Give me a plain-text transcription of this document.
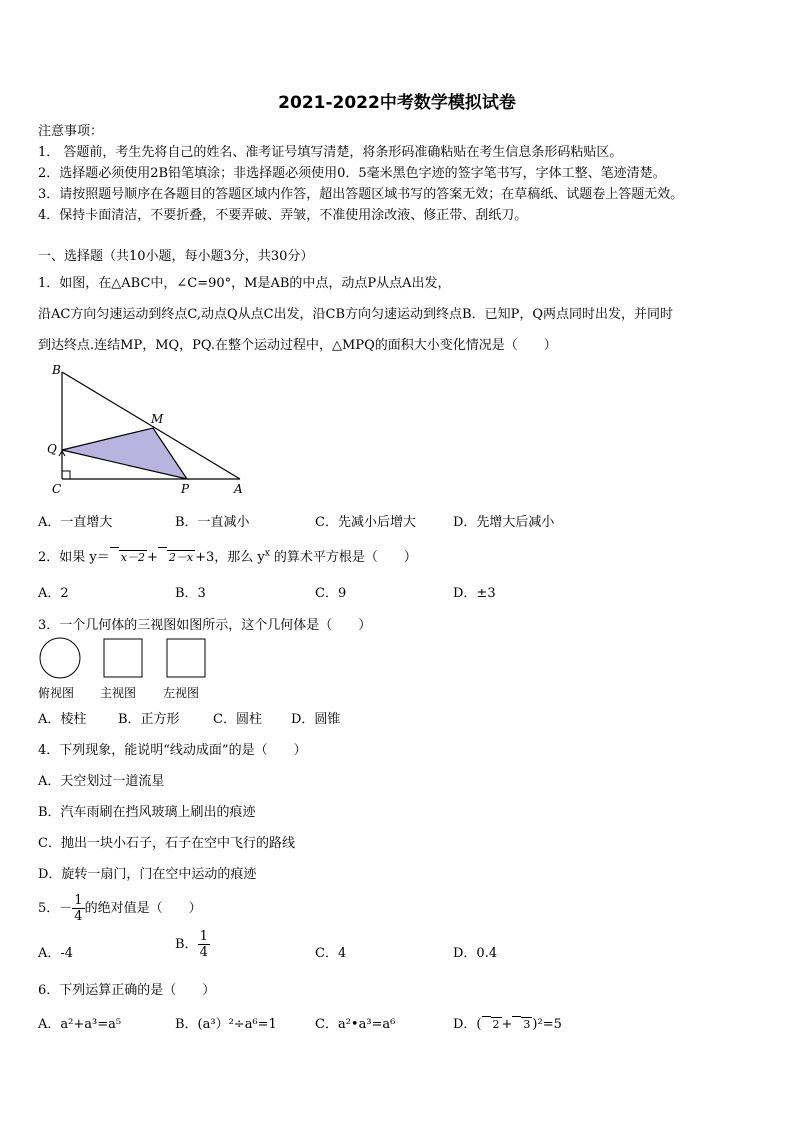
2021-2022中考数学模拟试卷
注意事项：
1． 答题前，考生先将自己的姓名、准考证号填写清楚，将条形码准确粘贴在考生信息条形码粘贴区。
2．选择题必须使用2B铅笔填涂；非选择题必须使用0．5毫米黑色字迹的签字笔书写，字体工整、笔迹清楚。
3．请按照题号顺序在各题目的答题区域内作答，超出答题区域书写的答案无效；在草稿纸、试题卷上答题无效。
4．保持卡面清洁，不要折叠，不要弄破、弄皱，不准使用涂改液、修正带、刮纸刀。
一、选择题（共10小题，每小题3分，共30分）
1．如图，在△ABC中，∠C=90°，M是AB的中点，动点P从点A出发，
沿AC方向匀速运动到终点C,动点Q从点C出发，沿CB方向匀速运动到终点B．已知P，Q两点同时出发，并同时
到达终点.连结MP，MQ，PQ.在整个运动过程中，△MPQ的面积大小变化情况是（　　）
B
M
Q
C	P	A
A．一直增大	B．一直减小	C．先减小后增大	D．先增大后减小
2．如果 y＝ x－2 + 2－x +3，那么 $y^x$ 的算术平方根是（　　）
A．2	B．3	C．9	D．±3
3．一个几何体的三视图如图所示，这个几何体是（　　）
俯视图 主视图 左视图
A．棱柱 B．正方形	C．圆柱 D．圆锥
4．下列现象，能说明“线动成面”的是（　　）
A．天空划过一道流星
B．汽车雨刷在挡风玻璃上刷出的痕迹
C．抛出一块小石子，石子在空中飞行的路线
D．旋转一扇门，门在空中运动的痕迹
5．－ $\frac{1}{4}$ 的绝对值是（　　）
A．-4
B． $\frac{1}{4}$	C．4	D．0.4
6．下列运算正确的是（　　）
A．a²+a³=a⁵	B．(a³）²÷a⁶=1	C．a²•a³=a⁶	D．( 2 + 3 )²=5
